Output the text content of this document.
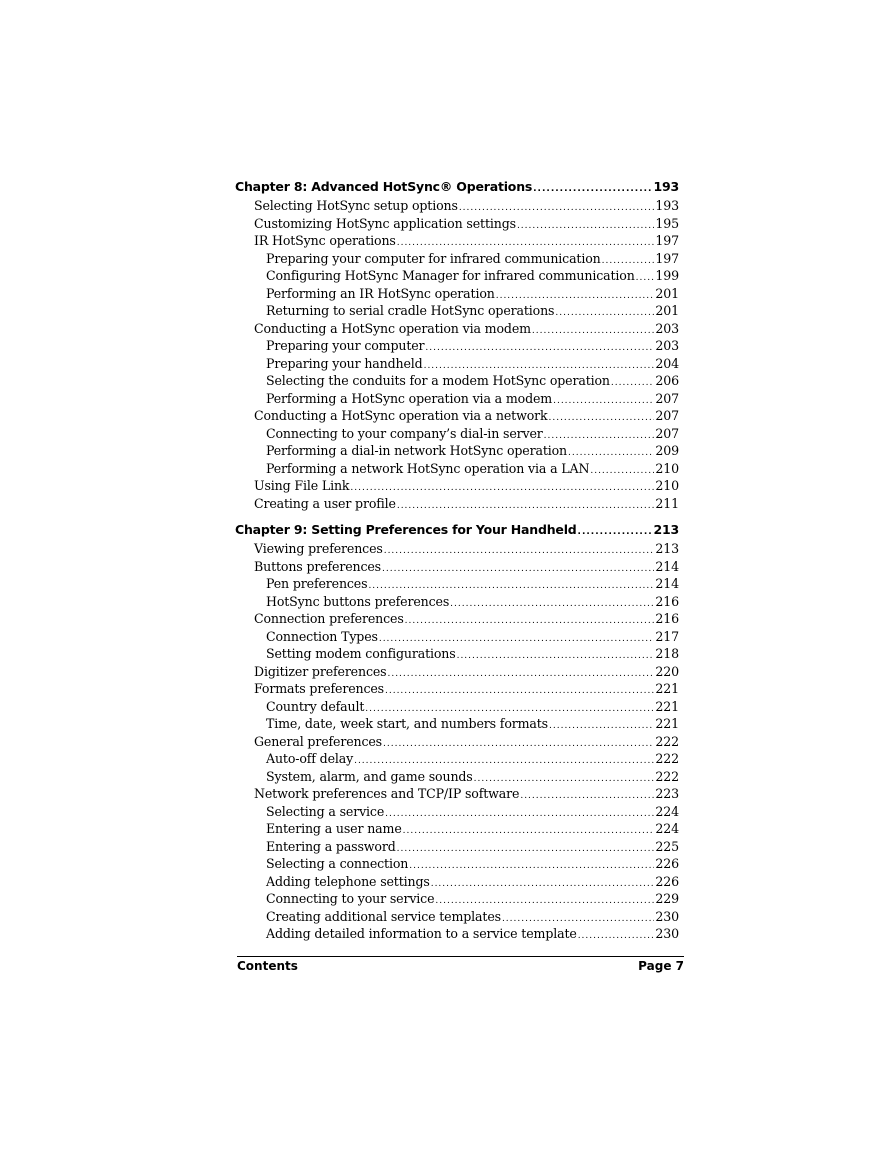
Chapter 8: Advanced HotSync® Operations .....	193
Selecting HotSync setup options .....	193
Customizing HotSync application settings .....	195
IR HotSync operations .....	197
Preparing your computer for infrared communication .....	197
Configuring HotSync Manager for infrared communication ..... 199
Performing an IR HotSync operation .....	201
Returning to serial cradle HotSync operations .....	201
Conducting a HotSync operation via modem .....	203
Preparing your computer .....	203
Preparing your handheld .....	204
Selecting the conduits for a modem HotSync operation .....	206
Performing a HotSync operation via a modem .....	207
Conducting a HotSync operation via a network .....	207
Connecting to your company’s dial-in server .....	207
Performing a dial-in network HotSync operation .....	209
Performing a network HotSync operation via a LAN .....	210
Using File Link .....	210
Creating a user profile .....	211
Chapter 9: Setting Preferences for Your Handheld .....	213
Viewing preferences .....	213
Buttons preferences .....	214
Pen preferences .....	214
HotSync buttons preferences .....	216
Connection preferences .....	216
Connection Types .....	217
Setting modem configurations .....	218
Digitizer preferences .....	220
Formats preferences .....	221
Country default .....	221
Time, date, week start, and numbers formats .....	221
General preferences .....	222
Auto-off delay .....	222
System, alarm, and game sounds .....	222
Network preferences and TCP/IP software .....	223
Selecting a service .....	224
Entering a user name .....	224
Entering a password .....	225
Selecting a connection .....	226
Adding telephone settings .....	226
Connecting to your service .....	229
Creating additional service templates .....	230
Adding detailed information to a service template .....	230
Contents	Page 7
